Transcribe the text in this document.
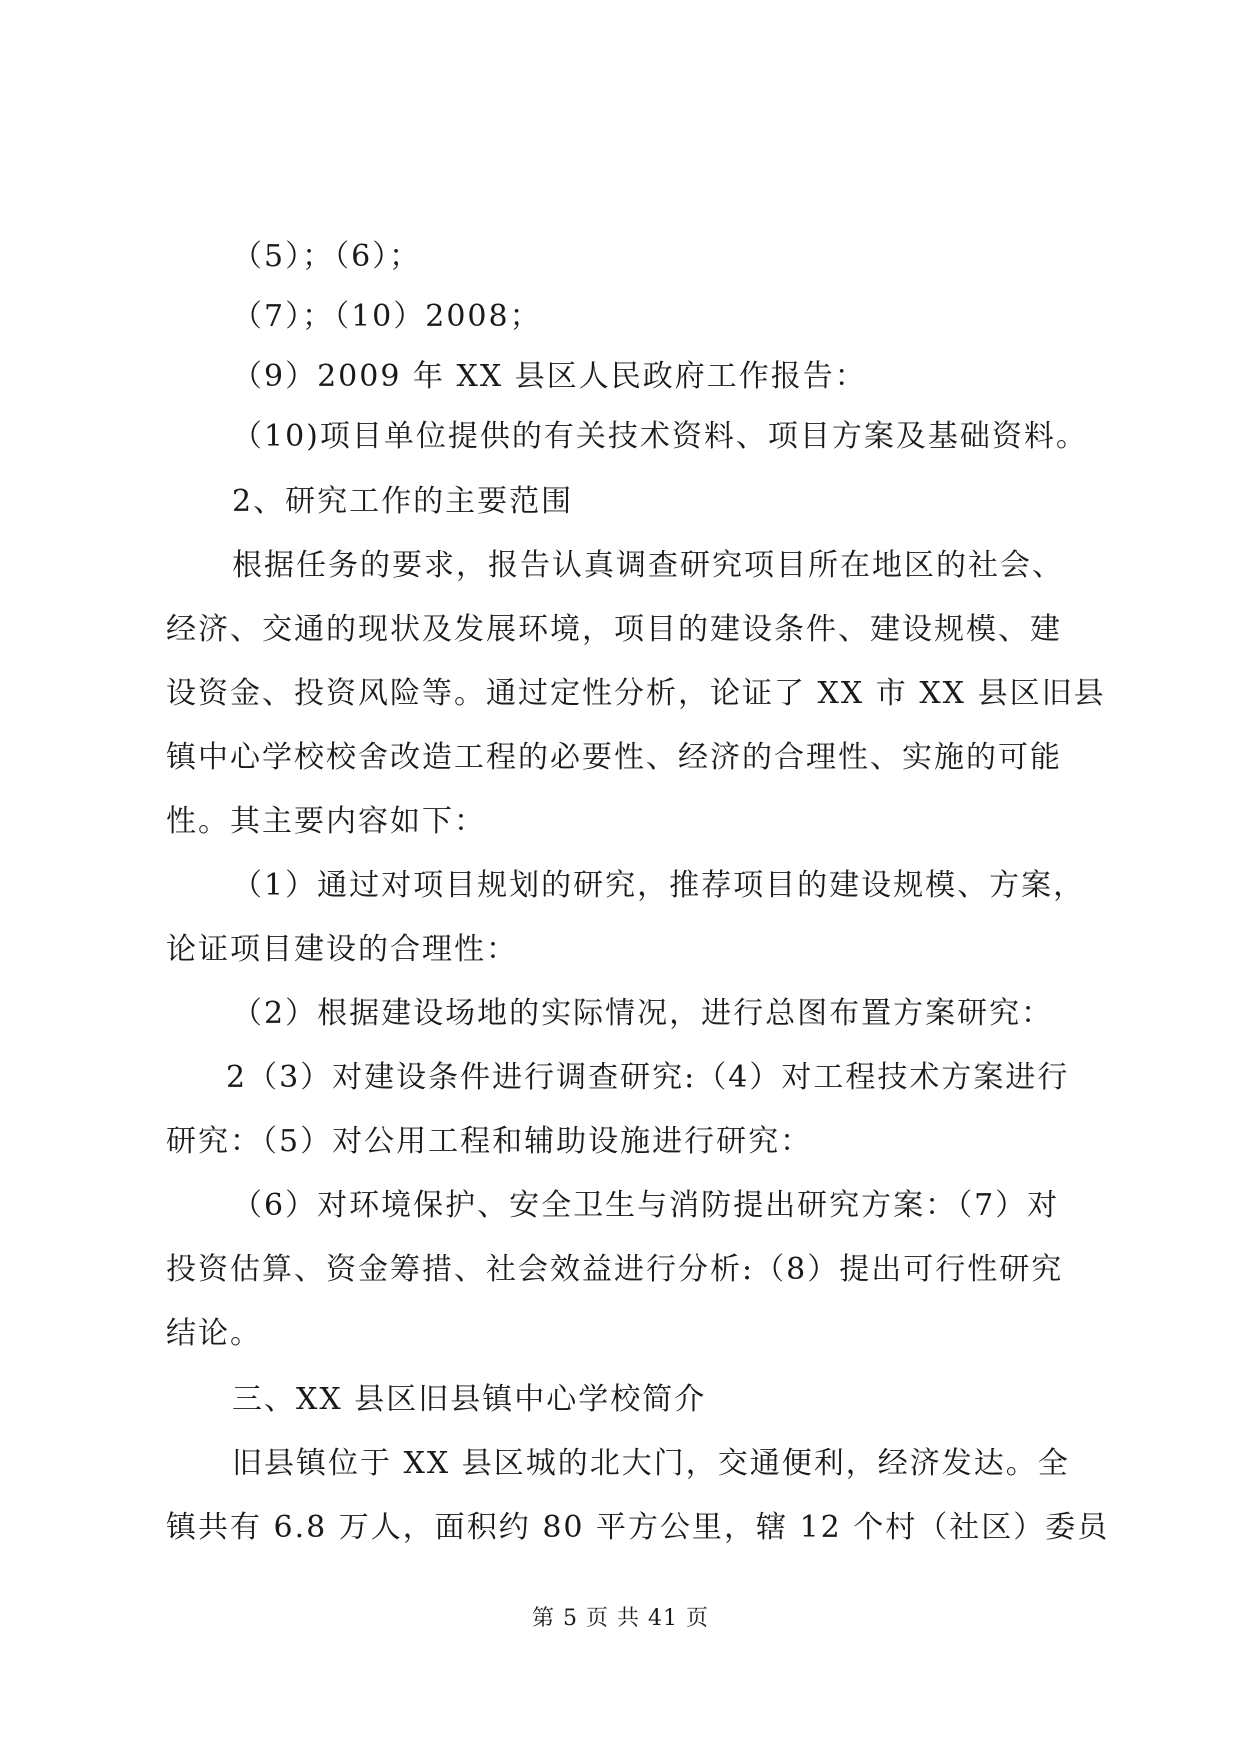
（5）；（6）；
（7）；（10）2008；
（9）2009 年 XX 县区人民政府工作报告：
（10)项目单位提供的有关技术资料、项目方案及基础资料。
2、研究工作的主要范围
根据任务的要求，报告认真调查研究项目所在地区的社会、
经济、交通的现状及发展环境，项目的建设条件、建设规模、建
设资金、投资风险等。通过定性分析，论证了 XX 市 XX 县区旧县
镇中心学校校舍改造工程的必要性、经济的合理性、实施的可能
性。其主要内容如下：
（1）通过对项目规划的研究，推荐项目的建设规模、方案，
论证项目建设的合理性：
（2）根据建设场地的实际情况，进行总图布置方案研究：
2（3）对建设条件进行调查研究:（4）对工程技术方案进行
研究：（5）对公用工程和辅助设施进行研究：
（6）对环境保护、安全卫生与消防提出研究方案：（7）对
投资估算、资金筹措、社会效益进行分析:（8）提出可行性研究
结论。
三、XX 县区旧县镇中心学校简介
旧县镇位于 XX 县区城的北大门，交通便利，经济发达。全
镇共有 6.8 万人，面积约 80 平方公里，辖 12 个村（社区）委员
第 5 页 共 41 页
